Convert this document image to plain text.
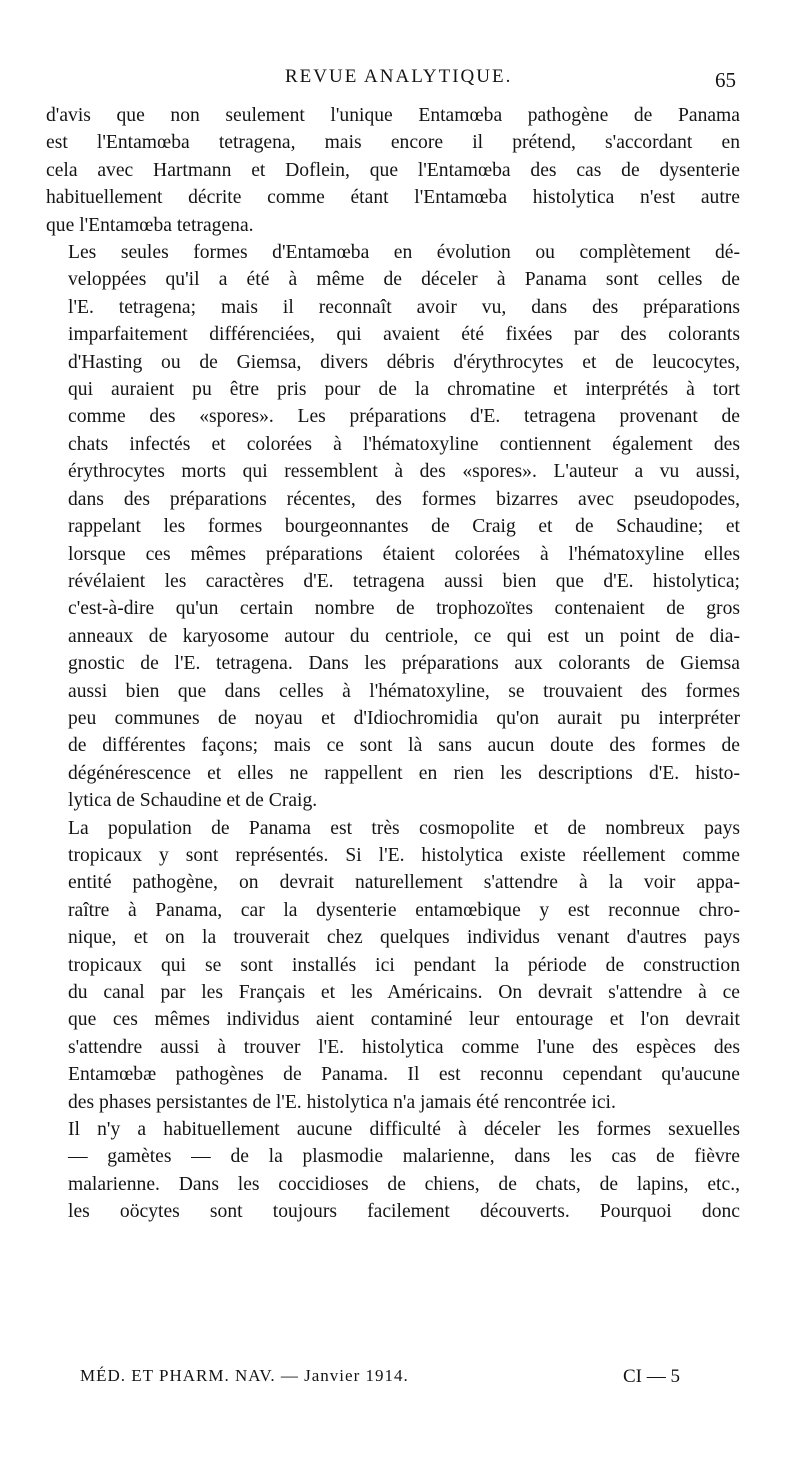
REVUE ANALYTIQUE.	65

d'avis que non seulement l'unique Entamœba pathogène de Panama
est l'Entamœba tetragena, mais encore il prétend, s'accordant en
cela avec Hartmann et Doflein, que l'Entamœba des cas de dysenterie
habituellement décrite comme étant l'Entamœba histolytica n'est autre
que l'Entamœba tetragena.

Les seules formes d'Entamœba en évolution ou complètement dé-
veloppées qu'il a été à même de déceler à Panama sont celles de
l'E. tetragena; mais il reconnaît avoir vu, dans des préparations
imparfaitement différenciées, qui avaient été fixées par des colorants
d'Hasting ou de Giemsa, divers débris d'érythrocytes et de leucocytes,
qui auraient pu être pris pour de la chromatine et interprétés à tort
comme des «spores». Les préparations d'E. tetragena provenant de
chats infectés et colorées à l'hématoxyline contiennent également des
érythrocytes morts qui ressemblent à des «spores». L'auteur a vu aussi,
dans des préparations récentes, des formes bizarres avec pseudopodes,
rappelant les formes bourgeonnantes de Craig et de Schaudine; et
lorsque ces mêmes préparations étaient colorées à l'hématoxyline elles
révélaient les caractères d'E. tetragena aussi bien que d'E. histolytica;
c'est-à-dire qu'un certain nombre de trophozoïtes contenaient de gros
anneaux de karyosome autour du centriole, ce qui est un point de dia-
gnostic de l'E. tetragena. Dans les préparations aux colorants de Giemsa
aussi bien que dans celles à l'hématoxyline, se trouvaient des formes
peu communes de noyau et d'Idiochromidia qu'on aurait pu interpréter
de différentes façons; mais ce sont là sans aucun doute des formes de
dégénérescence et elles ne rappellent en rien les descriptions d'E. histo-
lytica de Schaudine et de Craig.

La population de Panama est très cosmopolite et de nombreux pays
tropicaux y sont représentés. Si l'E. histolytica existe réellement comme
entité pathogène, on devrait naturellement s'attendre à la voir appa-
raître à Panama, car la dysenterie entamœbique y est reconnue chro-
nique, et on la trouverait chez quelques individus venant d'autres pays
tropicaux qui se sont installés ici pendant la période de construction
du canal par les Français et les Américains. On devrait s'attendre à ce
que ces mêmes individus aient contaminé leur entourage et l'on devrait
s'attendre aussi à trouver l'E. histolytica comme l'une des espèces des
Entamœbæ pathogènes de Panama. Il est reconnu cependant qu'aucune
des phases persistantes de l'E. histolytica n'a jamais été rencontrée ici.

Il n'y a habituellement aucune difficulté à déceler les formes sexuelles
— gamètes — de la plasmodie malarienne, dans les cas de fièvre
malarienne. Dans les coccidioses de chiens, de chats, de lapins, etc.,
les oöcytes sont toujours facilement découverts. Pourquoi donc

MÉD. ET PHARM. NAV. — Janvier 1914.	CI — 5
